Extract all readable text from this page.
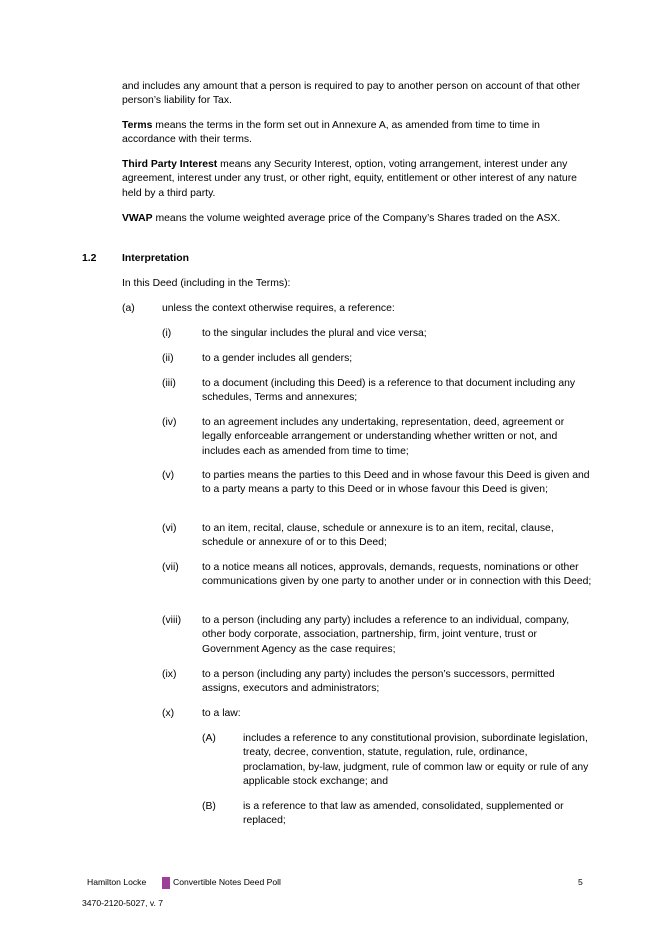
and includes any amount that a person is required to pay to another person on account of that other person’s liability for Tax.

Terms means the terms in the form set out in Annexure A, as amended from time to time in accordance with their terms.

Third Party Interest means any Security Interest, option, voting arrangement, interest under any agreement, interest under any trust, or other right, equity, entitlement or other interest of any nature held by a third party.

VWAP means the volume weighted average price of the Company’s Shares traded on the ASX.

1.2 Interpretation

In this Deed (including in the Terms):

(a)	unless the context otherwise requires, a reference:

(i)	to the singular includes the plural and vice versa;

(ii)	to a gender includes all genders;

(iii)	to a document (including this Deed) is a reference to that document including any schedules, Terms and annexures;

(iv) to an agreement includes any undertaking, representation, deed, agreement or legally enforceable arrangement or understanding whether written or not, and includes each as amended from time to time;

(v)	to parties means the parties to this Deed and in whose favour this Deed is given and to a party means a party to this Deed or in whose favour this Deed is given;

(vi) to an item, recital, clause, schedule or annexure is to an item, recital, clause, schedule or annexure of or to this Deed;

(vii) to a notice means all notices, approvals, demands, requests, nominations or other communications given by one party to another under or in connection with this Deed;

(viii) to a person (including any party) includes a reference to an individual, company, other body corporate, association, partnership, firm, joint venture, trust or Government Agency as the case requires;

(ix) to a person (including any party) includes the person’s successors, permitted assigns, executors and administrators;

(x)	to a law:

(A)	includes a reference to any constitutional provision, subordinate legislation, treaty, decree, convention, statute, regulation, rule, ordinance, proclamation, by-law, judgment, rule of common law or equity or rule of any applicable stock exchange; and

(B)	is a reference to that law as amended, consolidated, supplemented or replaced;

Hamilton Locke	Convertible Notes Deed Poll	5
3470-2120-5027, v. 7
